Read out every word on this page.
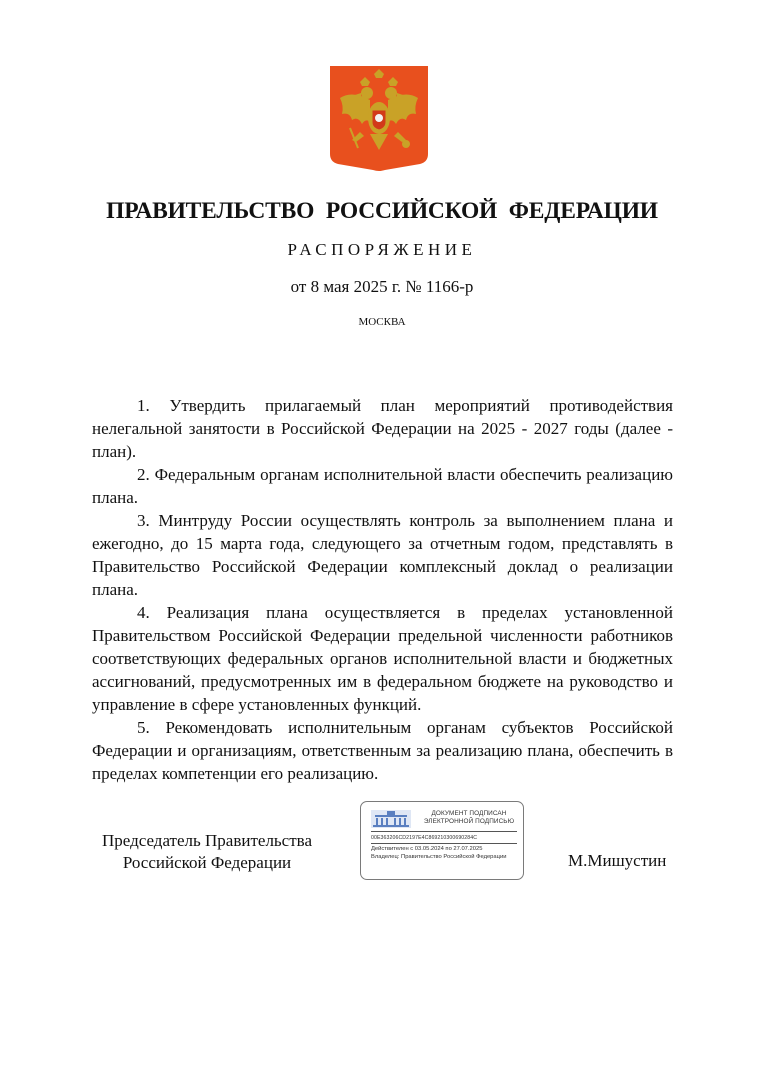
ПРАВИТЕЛЬСТВО РОССИЙСКОЙ ФЕДЕРАЦИИ
РАСПОРЯЖЕНИЕ
от 8 мая 2025 г. № 1166-р
МОСКВА

1. Утвердить прилагаемый план мероприятий противодействия нелегальной занятости в Российской Федерации на 2025 - 2027 годы (далее - план).

2. Федеральным органам исполнительной власти обеспечить реализацию плана.

3. Минтруду России осуществлять контроль за выполнением плана и ежегодно, до 15 марта года, следующего за отчетным годом, представлять в Правительство Российской Федерации комплексный доклад о реализации плана.

4. Реализация плана осуществляется в пределах установленной Правительством Российской Федерации предельной численности работников соответствующих федеральных органов исполнительной власти и бюджетных ассигнований, предусмотренных им в федеральном бюджете на руководство и управление в сфере установленных функций.

5. Рекомендовать исполнительным органам субъектов Российской Федерации и организациям, ответственным за реализацию плана, обеспечить в пределах компетенции его реализацию.

Председатель Правительства
Российской Федерации
ДОКУМЕНТ ПОДПИСАН
ЭЛЕКТРОННОЙ ПОДПИСЬЮ
00E363206CD2197E4C869210300690284C
Действителен с 03.05.2024 по 27.07.2025
Владелец: Правительство Российской Федерации	М.Мишустин
